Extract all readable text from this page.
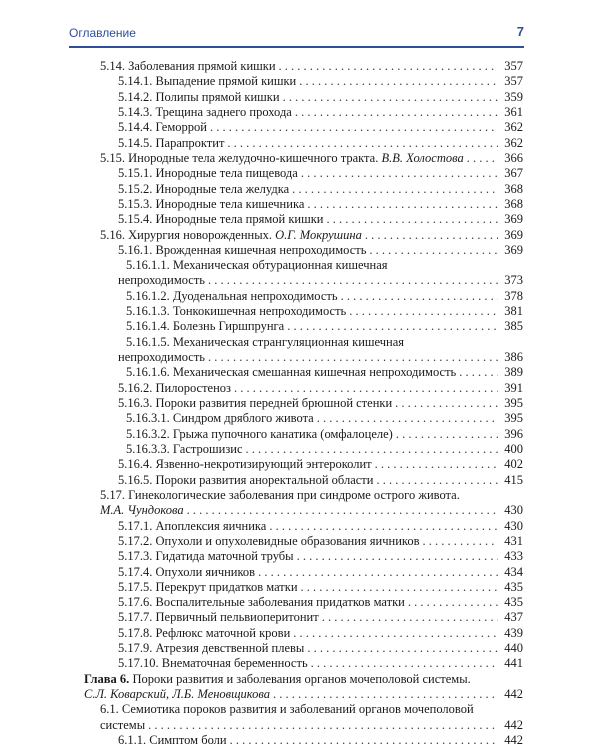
Оглавление	7
5.14. Заболевания прямой кишки . . .	357
5.14.1. Выпадение прямой кишки . . .	357
5.14.2. Полипы прямой кишки . . .	359
5.14.3. Трещина заднего прохода . . .	361
5.14.4. Геморрой . . .	362
5.14.5. Парапроктит . . .	362
5.15. Инородные тела желудочно-кишечного тракта. В.В. Холостова . . .	366
5.15.1. Инородные тела пищевода . . .	367
5.15.2. Инородные тела желудка . . .	368
5.15.3. Инородные тела кишечника . . .	368
5.15.4. Инородные тела прямой кишки . . .	369
5.16. Хирургия новорожденных. О.Г. Мокрушина . . .	369
5.16.1. Врожденная кишечная непроходимость . . .	369
5.16.1.1. Механическая обтурационная кишечная
непроходимость . . .	373
5.16.1.2. Дуоденальная непроходимость . . .	378
5.16.1.3. Тонкокишечная непроходимость . . .	381
5.16.1.4. Болезнь Гиршпрунга . . .	385
5.16.1.5. Механическая странгуляционная кишечная
непроходимость . . .	386
5.16.1.6. Механическая смешанная кишечная непроходимость . . .	389
5.16.2. Пилоростеноз . . .	391
5.16.3. Пороки развития передней брюшной стенки . . .	395
5.16.3.1. Синдром дряблого живота . . .	395
5.16.3.2. Грыжа пупочного канатика (омфалоцеле) . . .	396
5.16.3.3. Гастрошизис . . .	400
5.16.4. Язвенно-некротизирующий энтероколит . . .	402
5.16.5. Пороки развития аноректальной области . . .	415
5.17. Гинекологические заболевания при синдроме острого живота.
М.А. Чундокова . . .	430
5.17.1. Апоплексия яичника . . .	430
5.17.2. Опухоли и опухолевидные образования яичников . . .	431
5.17.3. Гидатида маточной трубы . . .	433
5.17.4. Опухоли яичников . . .	434
5.17.5. Перекрут придатков матки . . .	435
5.17.6. Воспалительные заболевания придатков матки . . .	435
5.17.7. Первичный пельвиоперитонит . . .	437
5.17.8. Рефлюкс маточной крови . . .	439
5.17.9. Атрезия девственной плевы . . .	440
5.17.10. Внематочная беременность . . .	441
Глава 6. Пороки развития и заболевания органов мочеполовой системы.
С.Л. Коварский, Л.Б. Меновщикова . . .	442
6.1. Семиотика пороков развития и заболеваний органов мочеполовой
системы . . .	442
6.1.1. Симптом боли . . .	442
